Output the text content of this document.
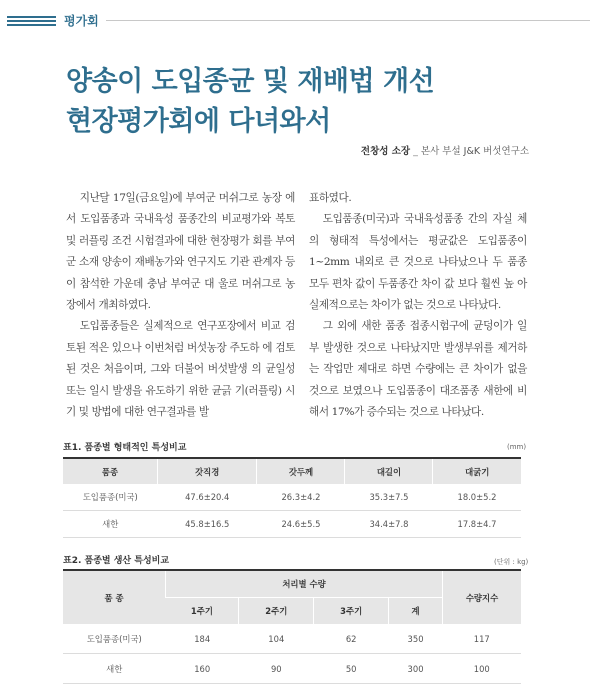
평가회
양송이 도입종균 및 재배법 개선
현장평가회에 다녀와서
전창성 소장 _ 본사 부설 J&K 버섯연구소

지난달 17일(금요일)에 부여군 머쉬그로 농장 에서 도입품종과 국내육성 품종간의 비교평가와 복토 및 러플링 조건 시험결과에 대한 현장평가 회를 부여군 소재 양송이 재배농가와 연구지도 기관 관계자 등이 참석한 가운데 충남 부여군 대 울로 머쉬그로 농장에서 개최하였다.

도입품종들은 실제적으로 연구포장에서 비교 검토된 적은 있으나 이번처럼 버섯농장 주도하 에 검토된 것은 처음이며, 그와 더불어 버섯발생 의 균일성 또는 일시 발생을 유도하기 위한 균긁 기(러플링) 시기 및 방법에 대한 연구결과를 발

표하였다.

도입품종(미국)과 국내육성품종 간의 자실 체의 형태적 특성에서는 평균값은 도입품종이 1~2mm 내외로 큰 것으로 나타났으나 두 품종 모두 편차 값이 두품종간 차이 값 보다 훨씬 높 아 실제적으로는 차이가 없는 것으로 나타났다.

그 외에 새한 품종 접종시험구에 균덩이가 일 부 발생한 것으로 나타났지만 발생부위를 제거하 는 작업만 제대로 하면 수량에는 큰 차이가 없을 것으로 보였으나 도입품종이 대조품종 새한에 비 해서 17%가 증수되는 것으로 나타났다.

표1. 품종별 형태적인 특성비교	(mm)
품종	갓직경	갓두께	대길이	대굵기
도입품종(미국)	47.6±20.4	26.3±4.2	35.3±7.5	18.0±5.2
새한	45.8±16.5	24.6±5.5	34.4±7.8	17.8±4.7
표2. 품종별 생산 특성비교	(단위 : kg)
품 종	처리별 수량				수량지수
	1주기	2주기	3주기	계	
도입품종(미국)	184	104	62	350	117
새한	160	90	50	300	100
